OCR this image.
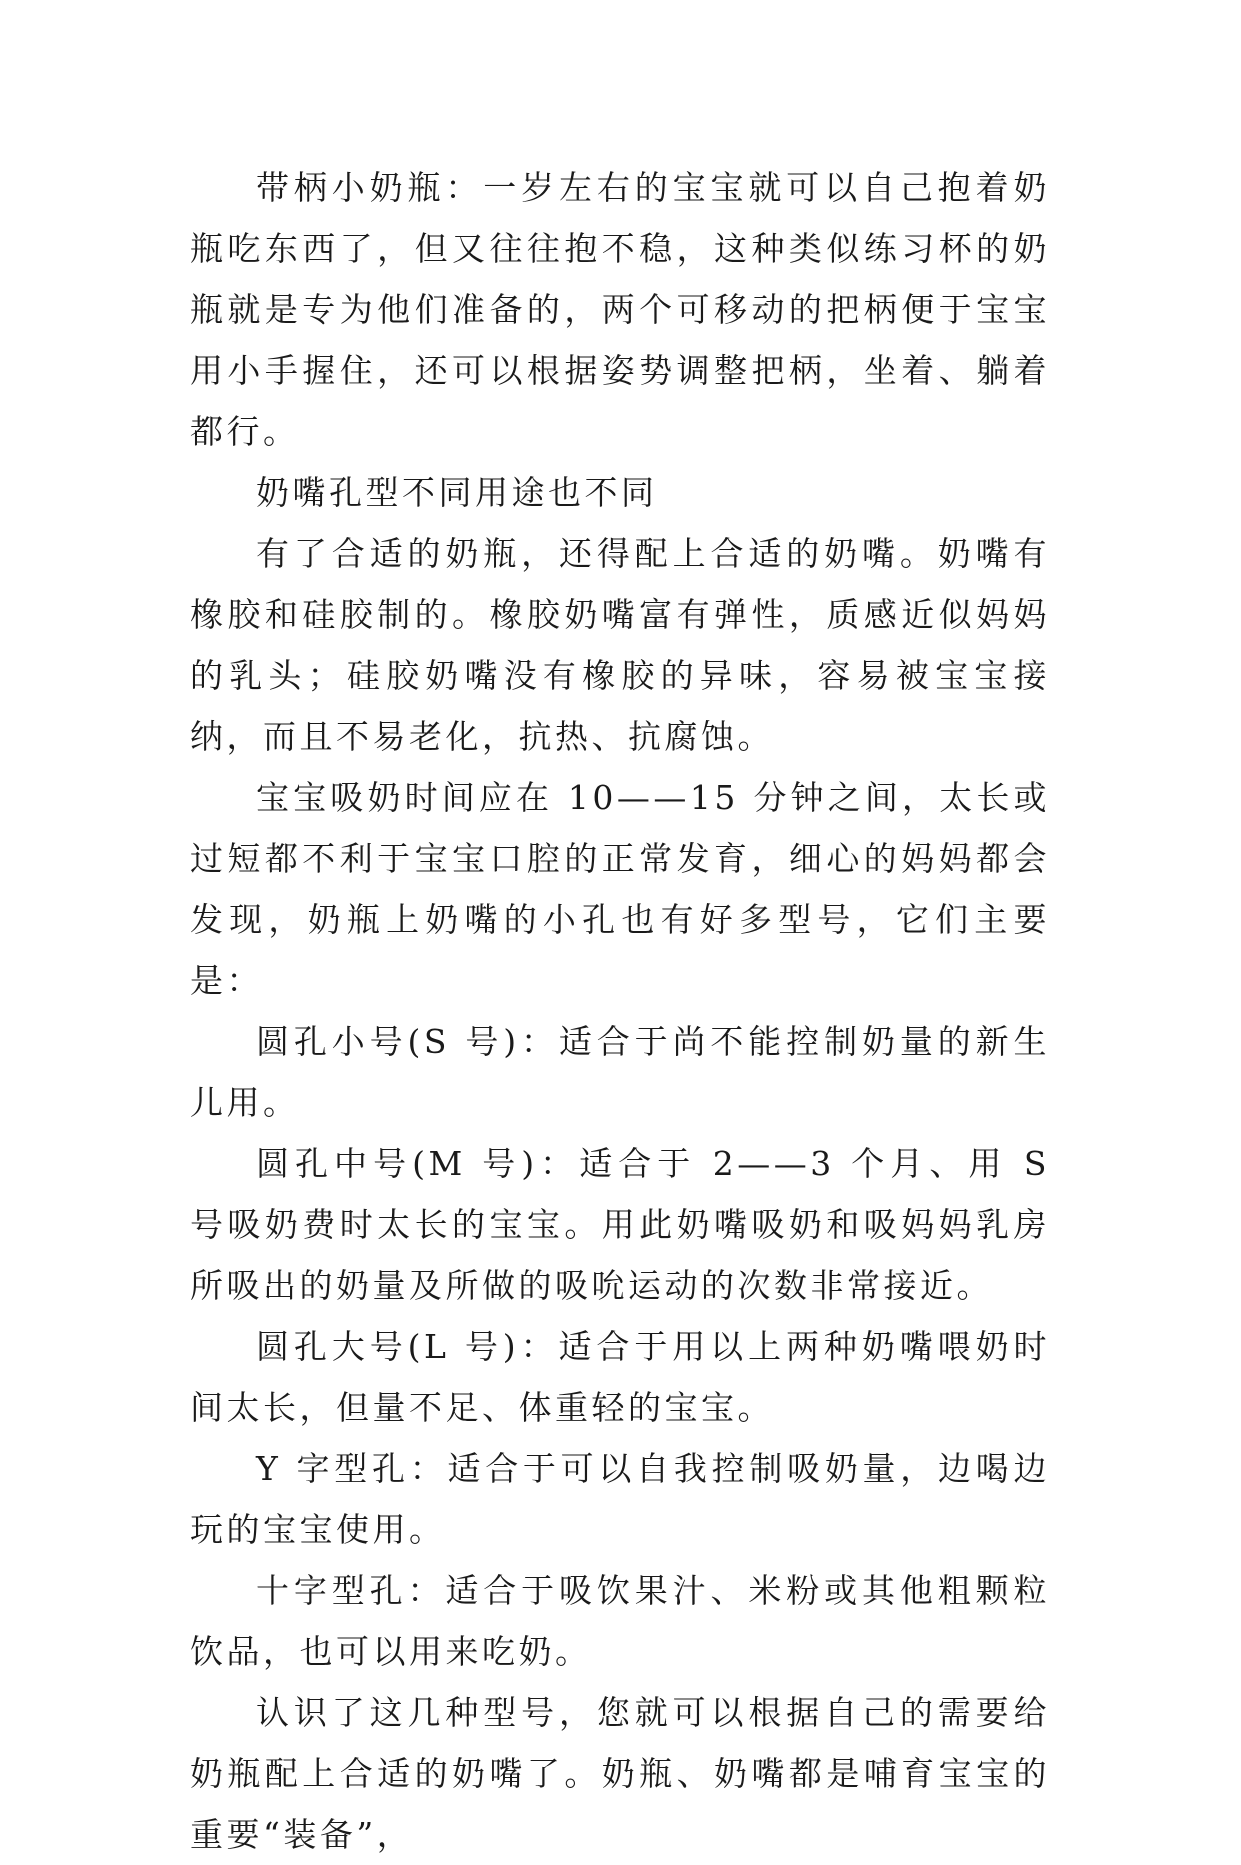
带柄小奶瓶：一岁左右的宝宝就可以自己抱着奶瓶吃东西了，但又往往抱不稳，这种类似练习杯的奶瓶就是专为他们准备的，两个可移动的把柄便于宝宝用小手握住，还可以根据姿势调整把柄，坐着、躺着都行。

奶嘴孔型不同用途也不同

有了合适的奶瓶，还得配上合适的奶嘴。奶嘴有橡胶和硅胶制的。橡胶奶嘴富有弹性，质感近似妈妈的乳头；硅胶奶嘴没有橡胶的异味，容易被宝宝接纳，而且不易老化，抗热、抗腐蚀。

宝宝吸奶时间应在 10——15 分钟之间，太长或过短都不利于宝宝口腔的正常发育，细心的妈妈都会发现，奶瓶上奶嘴的小孔也有好多型号，它们主要是：

圆孔小号(S 号)：适合于尚不能控制奶量的新生儿用。

圆孔中号(M 号)：适合于 2——3 个月、用 S 号吸奶费时太长的宝宝。用此奶嘴吸奶和吸妈妈乳房所吸出的奶量及所做的吸吮运动的次数非常接近。

圆孔大号(L 号)：适合于用以上两种奶嘴喂奶时间太长，但量不足、体重轻的宝宝。

Y 字型孔：适合于可以自我控制吸奶量，边喝边玩的宝宝使用。

十字型孔：适合于吸饮果汁、米粉或其他粗颗粒饮品，也可以用来吃奶。

认识了这几种型号，您就可以根据自己的需要给奶瓶配上合适的奶嘴了。奶瓶、奶嘴都是哺育宝宝的重要“装备”，
